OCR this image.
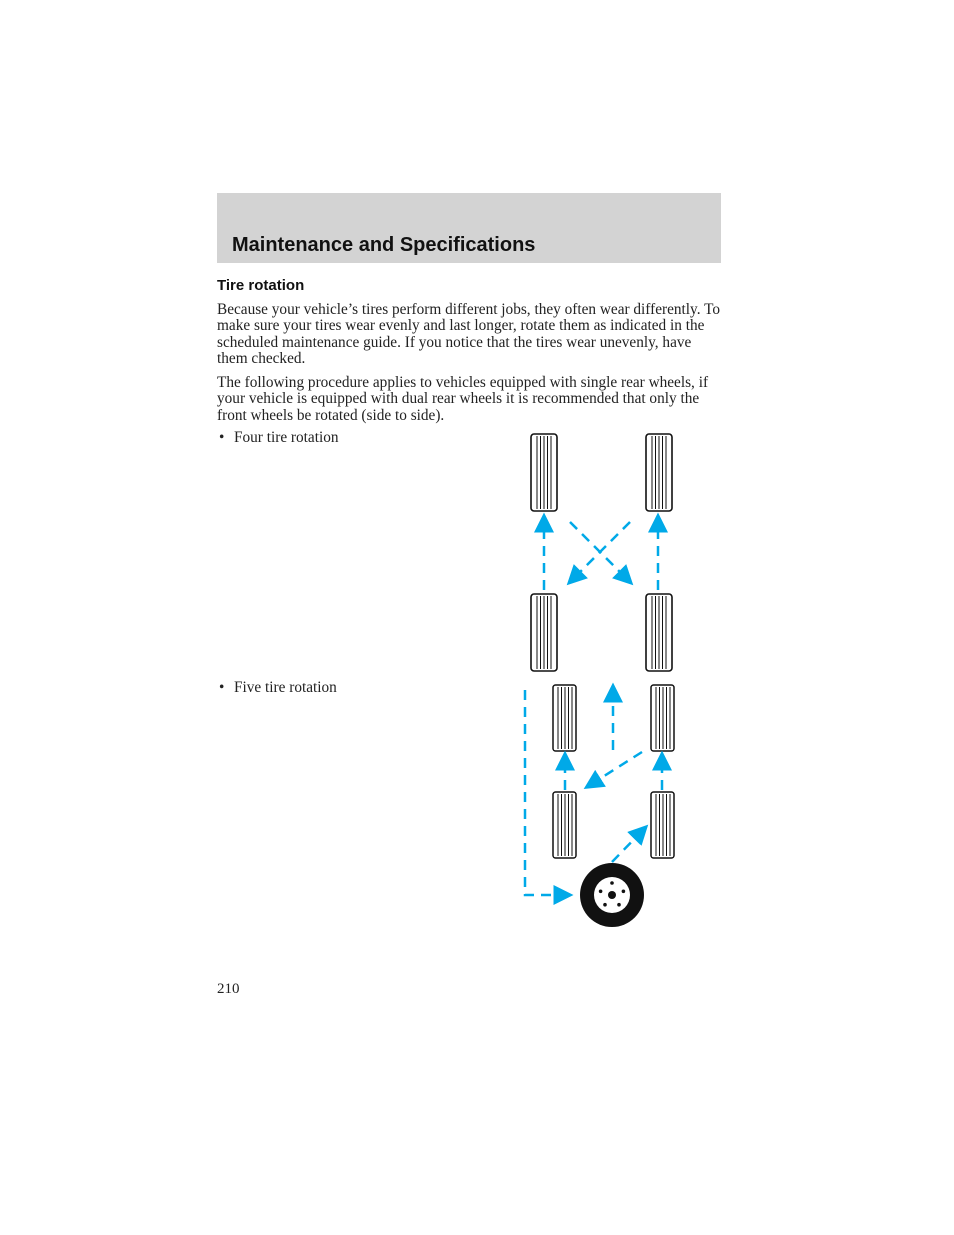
Maintenance and Specifications
Tire rotation

Because your vehicle’s tires perform different jobs, they often wear differently. To make sure your tires wear evenly and last longer, rotate them as indicated in the scheduled maintenance guide. If you notice that the tires wear unevenly, have them checked.

The following procedure applies to vehicles equipped with single rear wheels, if your vehicle is equipped with dual rear wheels it is recommended that only the front wheels be rotated (side to side).

• Four tire rotation

• Five tire rotation

210
